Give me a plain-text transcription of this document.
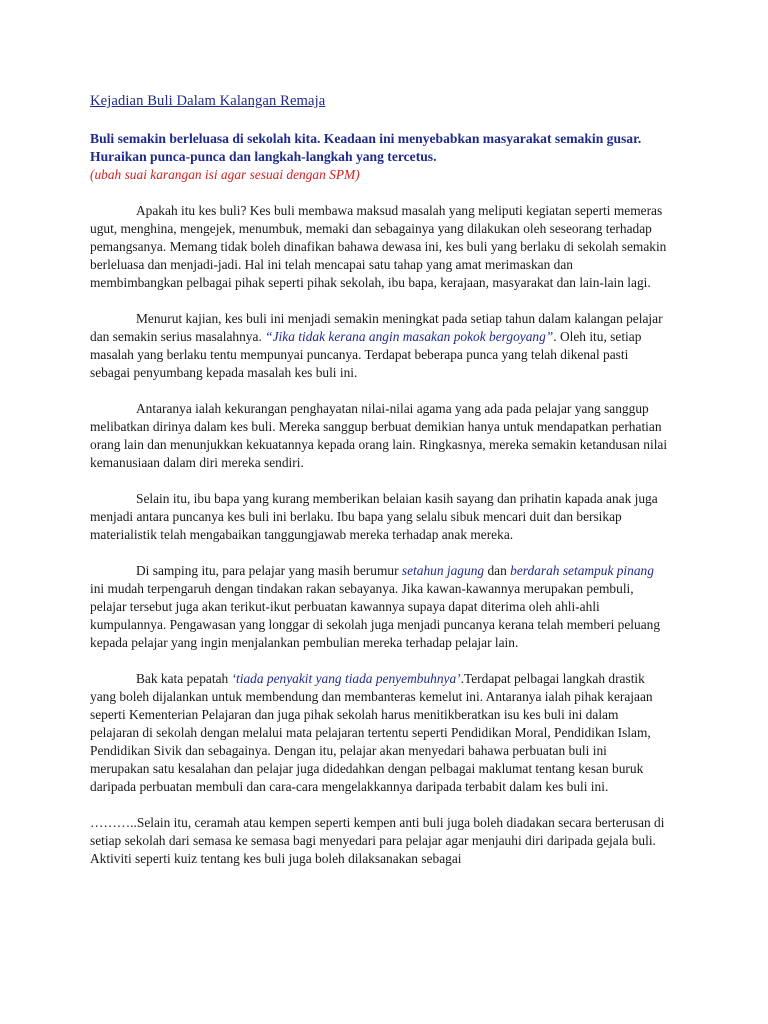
Kejadian Buli Dalam Kalangan Remaja

Buli semakin berleluasa di sekolah kita. Keadaan ini menyebabkan masyarakat semakin gusar. Huraikan punca-punca dan langkah-langkah yang tercetus.

(ubah suai karangan isi agar sesuai dengan SPM)

Apakah itu kes buli? Kes buli membawa maksud masalah yang meliputi kegiatan seperti memeras ugut, menghina, mengejek, menumbuk, memaki dan sebagainya yang dilakukan oleh seseorang terhadap pemangsanya. Memang tidak boleh dinafikan bahawa dewasa ini, kes buli yang berlaku di sekolah semakin berleluasa dan menjadi-jadi. Hal ini telah mencapai satu tahap yang amat merimaskan dan membimbangkan pelbagai pihak seperti pihak sekolah, ibu bapa, kerajaan, masyarakat dan lain-lain lagi.

Menurut kajian, kes buli ini menjadi semakin meningkat pada setiap tahun dalam kalangan pelajar dan semakin serius masalahnya. “Jika tidak kerana angin masakan pokok bergoyang”. Oleh itu, setiap masalah yang berlaku tentu mempunyai puncanya. Terdapat beberapa punca yang telah dikenal pasti sebagai penyumbang kepada masalah kes buli ini.

Antaranya ialah kekurangan penghayatan nilai-nilai agama yang ada pada pelajar yang sanggup melibatkan dirinya dalam kes buli. Mereka sanggup berbuat demikian hanya untuk mendapatkan perhatian orang lain dan menunjukkan kekuatannya kepada orang lain. Ringkasnya, mereka semakin ketandusan nilai kemanusiaan dalam diri mereka sendiri.

Selain itu, ibu bapa yang kurang memberikan belaian kasih sayang dan prihatin kapada anak juga menjadi antara puncanya kes buli ini berlaku. Ibu bapa yang selalu sibuk mencari duit dan bersikap materialistik telah mengabaikan tanggungjawab mereka terhadap anak mereka.

Di samping itu, para pelajar yang masih berumur setahun jagung dan berdarah setampuk pinang ini mudah terpengaruh dengan tindakan rakan sebayanya. Jika kawan-kawannya merupakan pembuli, pelajar tersebut juga akan terikut-ikut perbuatan kawannya supaya dapat diterima oleh ahli-ahli kumpulannya. Pengawasan yang longgar di sekolah juga menjadi puncanya kerana telah memberi peluang kepada pelajar yang ingin menjalankan pembulian mereka terhadap pelajar lain.

Bak kata pepatah ‘tiada penyakit yang tiada penyembuhnya’.Terdapat pelbagai langkah drastik yang boleh dijalankan untuk membendung dan membanteras kemelut ini. Antaranya ialah pihak kerajaan seperti Kementerian Pelajaran dan juga pihak sekolah harus menitikberatkan isu kes buli ini dalam pelajaran di sekolah dengan melalui mata pelajaran tertentu seperti Pendidikan Moral, Pendidikan Islam, Pendidikan Sivik dan sebagainya. Dengan itu, pelajar akan menyedari bahawa perbuatan buli ini merupakan satu kesalahan dan pelajar juga didedahkan dengan pelbagai maklumat tentang kesan buruk daripada perbuatan membuli dan cara-cara mengelakkannya daripada terbabit dalam kes buli ini.

………..Selain itu, ceramah atau kempen seperti kempen anti buli juga boleh diadakan secara berterusan di setiap sekolah dari semasa ke semasa bagi menyedari para pelajar agar menjauhi diri daripada gejala buli. Aktiviti seperti kuiz tentang kes buli juga boleh dilaksanakan sebagai
